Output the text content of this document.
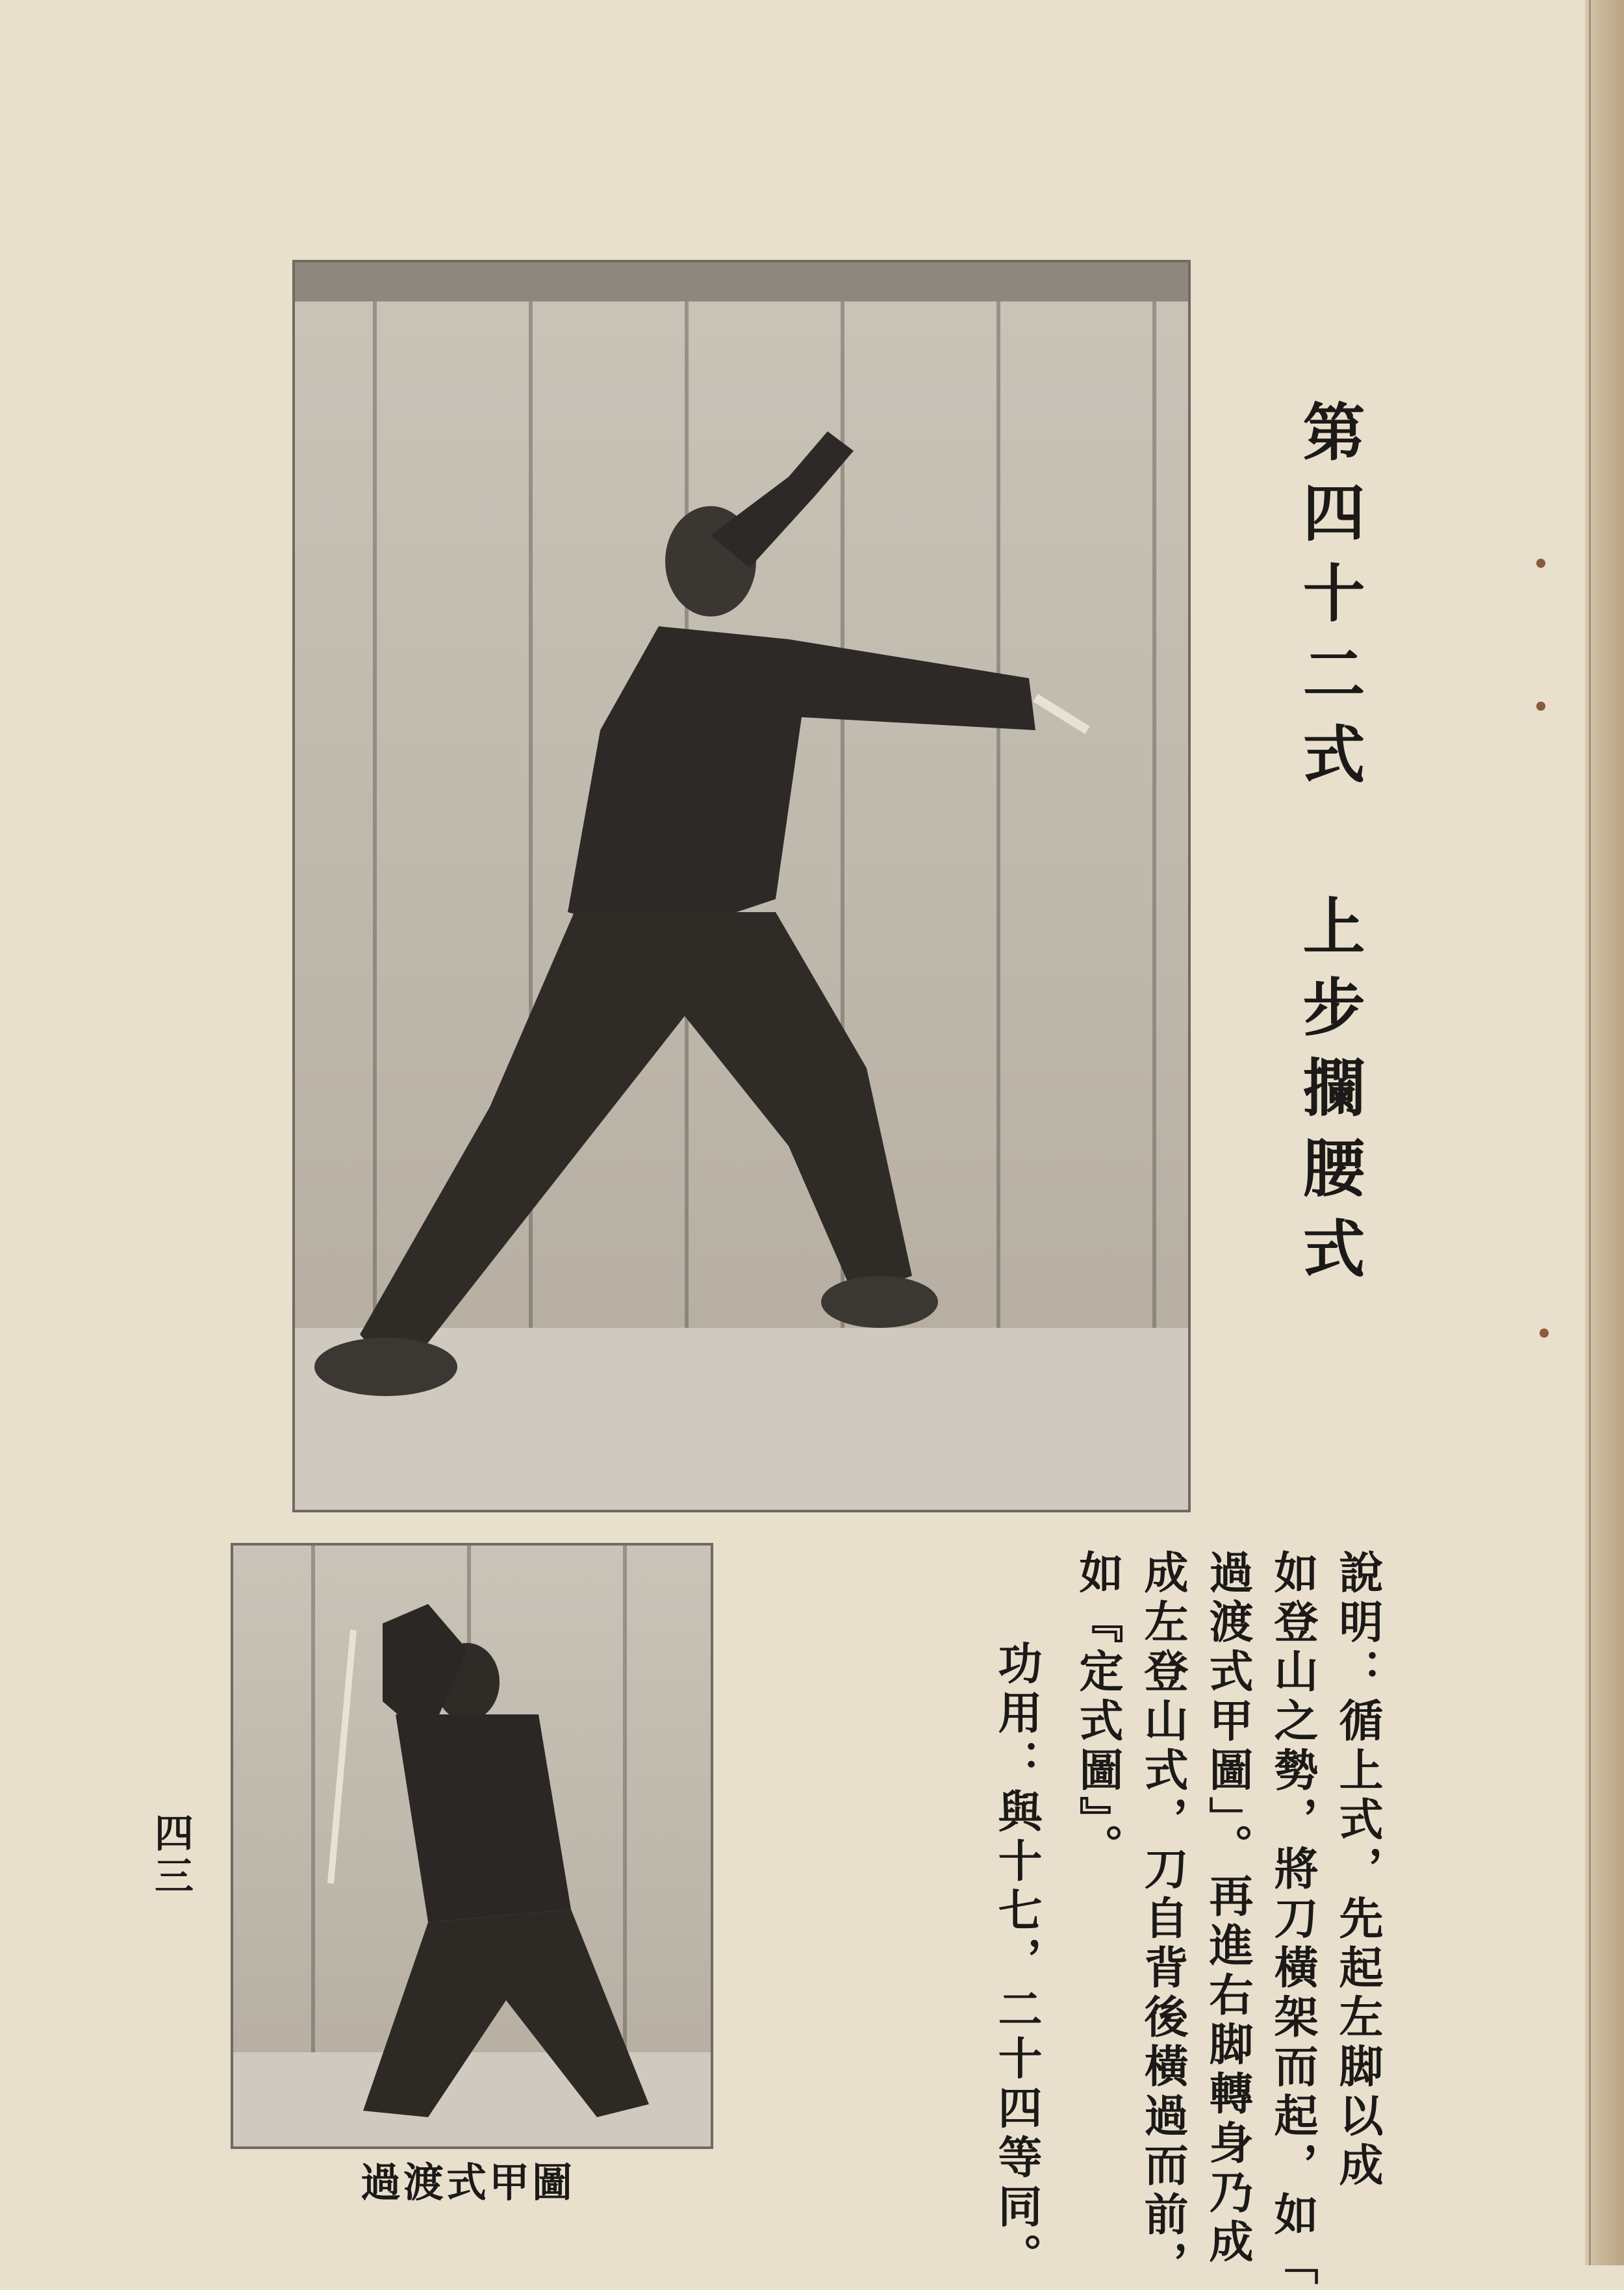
第四十二式 上步攔腰式
說明：循上式，先起左脚以成
如登山之勢，將刀橫架而起，如「
過渡式甲圖」。再進右脚轉身乃成
成左登山式，刀自背後橫過而前，
如『定式圖』。
功用：與十七，二十四等同。
四三
過渡式甲圖
